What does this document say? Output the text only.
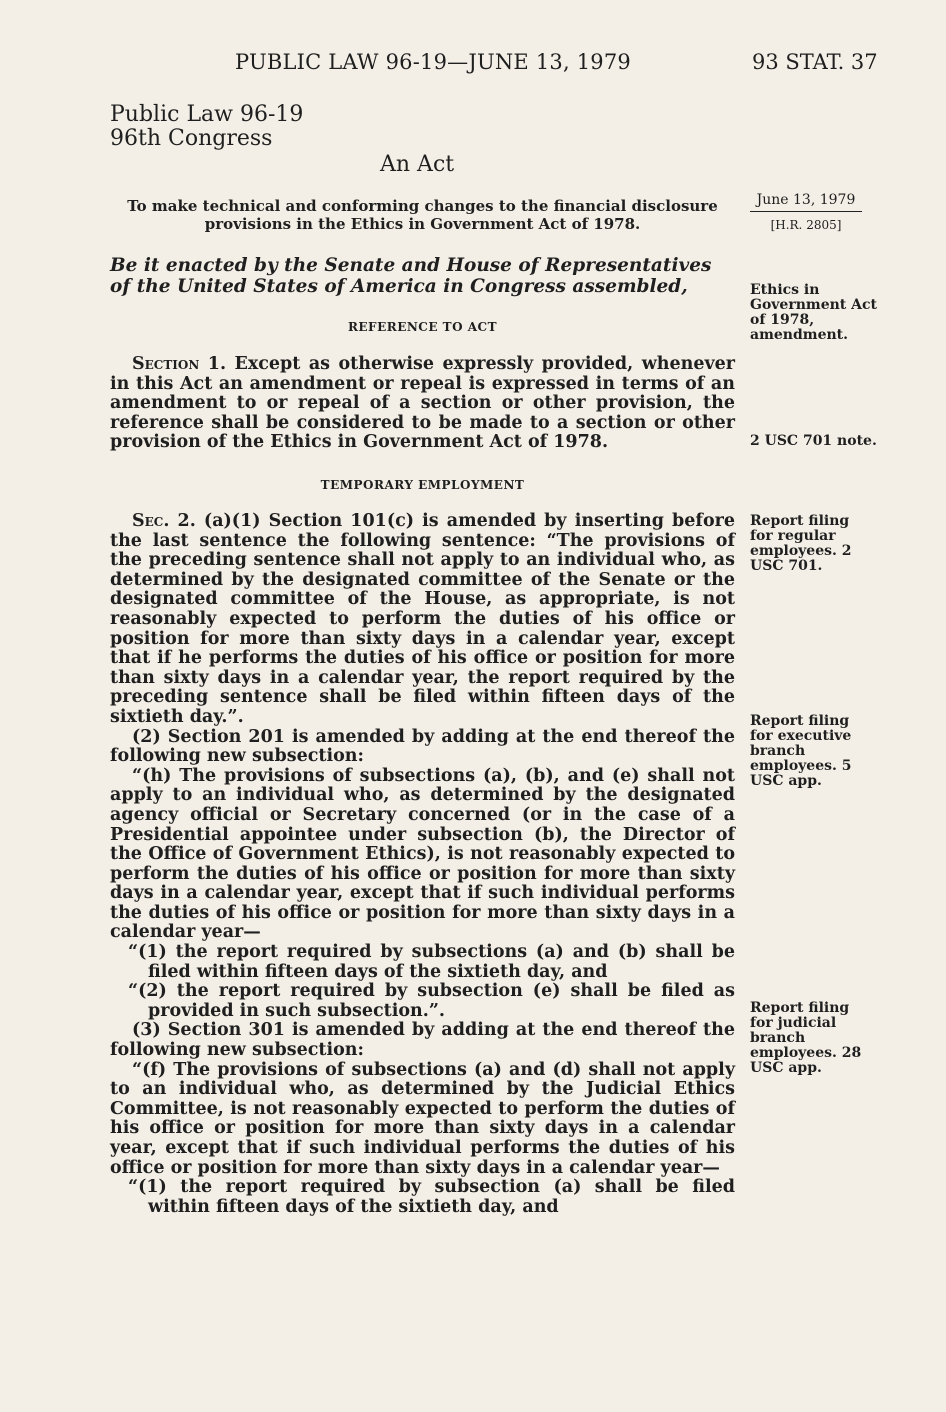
PUBLIC LAW 96-19—JUNE 13, 1979	93 STAT. 37
Public Law 96-19
96th Congress
An Act
To make technical and conforming changes to the financial disclosure provisions in the Ethics in Government Act of 1978.
June 13, 1979
[H.R. 2805]
Be it enacted by the Senate and House of Representatives of the United States of America in Congress assembled,	Ethics in Government Act of 1978, amendment.
REFERENCE TO ACT

Section 1. Except as otherwise expressly provided, whenever in this Act an amendment or repeal is expressed in terms of an amendment to or repeal of a section or other provision, the reference shall be considered to be made to a section or other provision of the Ethics in Government Act of 1978.	2 USC 701 note.
TEMPORARY EMPLOYMENT
Report filing for regular employees. 2 USC 701.
Report filing for executive branch employees. 5 USC app.
Report filing for judicial branch employees. 28 USC app.

Sec. 2. (a)(1) Section 101(c) is amended by inserting before the last sentence the following sentence: “The provisions of the preceding sentence shall not apply to an individual who, as determined by the designated committee of the Senate or the designated committee of the House, as appropriate, is not reasonably expected to perform the duties of his office or position for more than sixty days in a calendar year, except that if he performs the duties of his office or position for more than sixty days in a calendar year, the report required by the preceding sentence shall be filed within fifteen days of the sixtieth day.”.

(2) Section 201 is amended by adding at the end thereof the following new subsection:

“(h) The provisions of subsections (a), (b), and (e) shall not apply to an individual who, as determined by the designated agency official or Secretary concerned (or in the case of a Presidential appointee under subsection (b), the Director of the Office of Government Ethics), is not reasonably expected to perform the duties of his office or position for more than sixty days in a calendar year, except that if such individual performs the duties of his office or position for more than sixty days in a calendar year—

“(1) the report required by subsections (a) and (b) shall be filed within fifteen days of the sixtieth day, and

“(2) the report required by subsection (e) shall be filed as provided in such subsection.”.

(3) Section 301 is amended by adding at the end thereof the following new subsection:

“(f) The provisions of subsections (a) and (d) shall not apply to an individual who, as determined by the Judicial Ethics Committee, is not reasonably expected to perform the duties of his office or position for more than sixty days in a calendar year, except that if such individual performs the duties of his office or position for more than sixty days in a calendar year—

“(1) the report required by subsection (a) shall be filed within fifteen days of the sixtieth day, and
